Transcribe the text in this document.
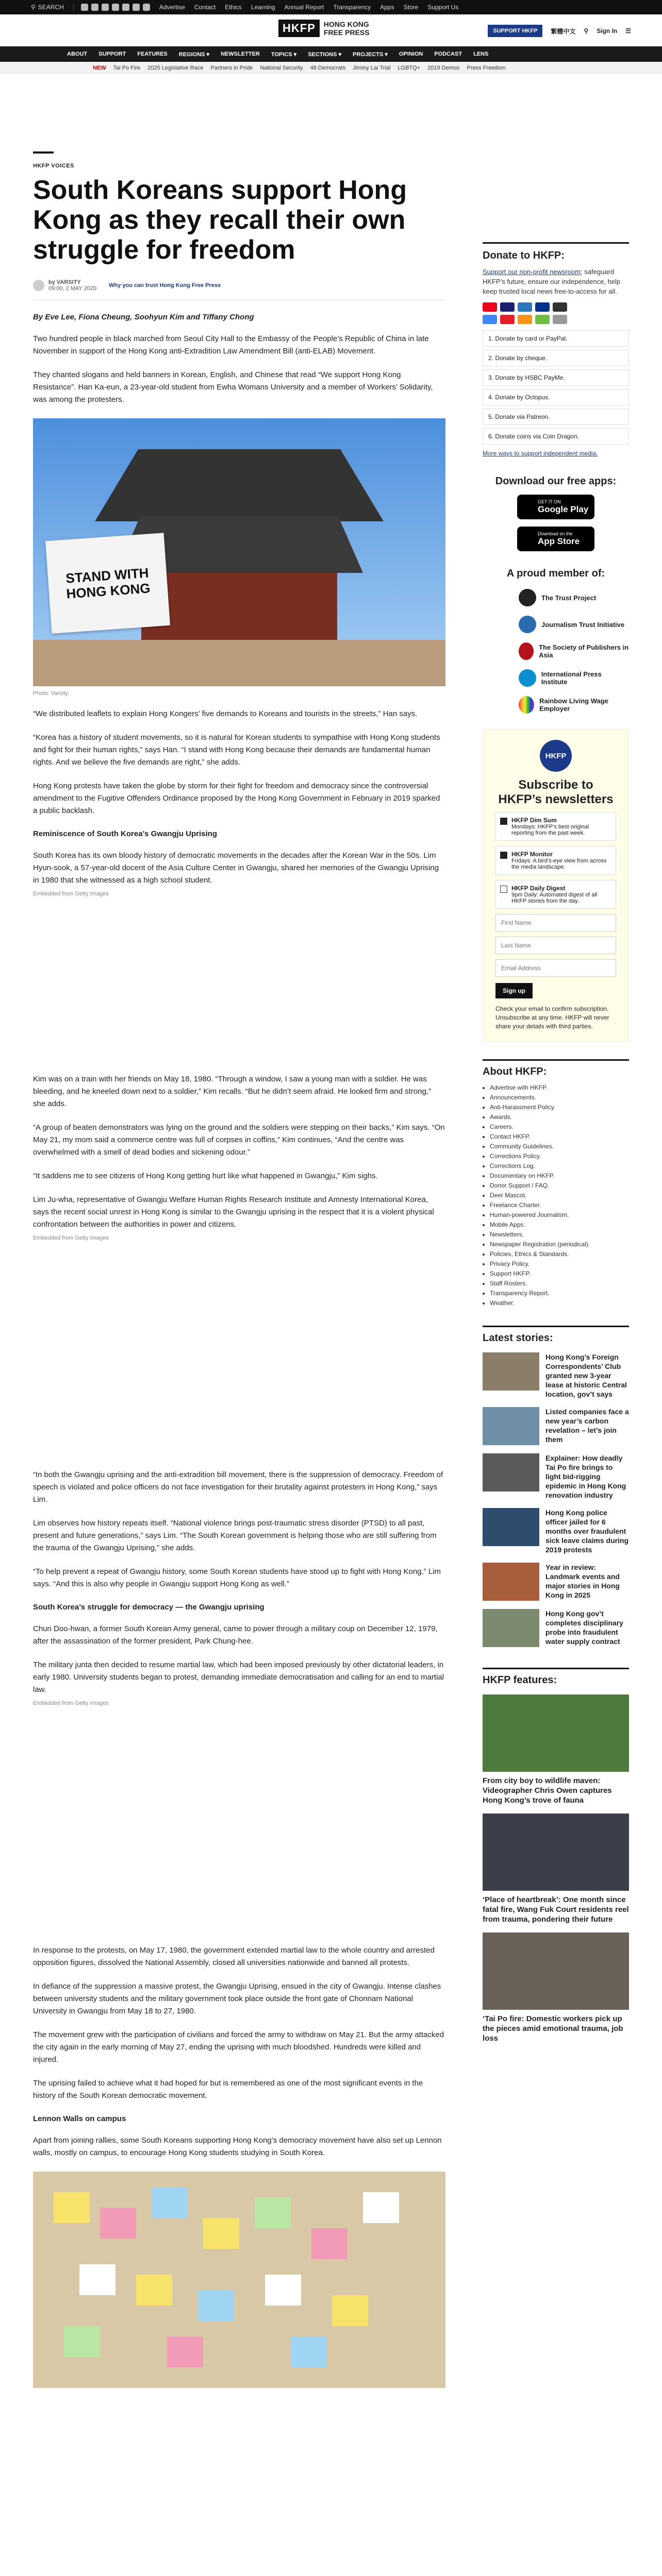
⚲ SEARCH	Advertise Contact Ethics Learning Annual Report Transparency Apps Store Support Us
HKFP	HONG KONG
FREE PRESS	SUPPORT HKFP	繁體中文 ⚲ Sign In ☰
ABOUT SUPPORT FEATURES REGIONS ▾ NEWSLETTER TOPICS ▾ SECTIONS ▾ PROJECTS ▾ OPINION PODCAST LENS
NEW Tai Po Fire 2025 Legislative Race Partners in Pride National Security 48 Democrats Jimmy Lai Trial LGBTQ+ 2019 Demos Press Freedom
HKFP VOICES
South Koreans support Hong Kong as they recall their own struggle for freedom
by VARSITY
09:00, 2 MAY 2020 Why you can trust Hong Kong Free Press
By Eve Lee, Fiona Cheung, Soohyun Kim and Tiffany Chong

Two hundred people in black marched from Seoul City Hall to the Embassy of the People’s Republic of China in late November in support of the Hong Kong anti-Extradition Law Amendment Bill (anti-ELAB) Movement.

They chanted slogans and held banners in Korean, English, and Chinese that read “We support Hong Kong Resistance”. Han Ka-eun, a 23-year-old student from Ewha Womans University and a member of Workers’ Solidarity, was among the protesters.

STAND WITH HONG KONG
Photo: Varsity.

“We distributed leaflets to explain Hong Kongers’ five demands to Koreans and tourists in the streets,” Han says.

“Korea has a history of student movements, so it is natural for Korean students to sympathise with Hong Kong students and fight for their human rights,” says Han. “I stand with Hong Kong because their demands are fundamental human rights. And we believe the five demands are right,” she adds.

Hong Kong protests have taken the globe by storm for their fight for freedom and democracy since the controversial amendment to the Fugitive Offenders Ordinance proposed by the Hong Kong Government in February in 2019 sparked a public backlash.

Reminiscence of South Korea’s Gwangju Uprising

South Korea has its own bloody history of democratic movements in the decades after the Korean War in the 50s. Lim Hyun-sook, a 57-year-old docent of the Asia Culture Center in Gwangju, shared her memories of the Gwangju Uprising in 1980 that she witnessed as a high school student.

Embedded from Getty Images

Kim was on a train with her friends on May 18, 1980. “Through a window, I saw a young man with a soldier. He was bleeding, and he kneeled down next to a soldier,” Kim recalls. “But he didn’t seem afraid. He looked firm and strong,” she adds.

“A group of beaten demonstrators was lying on the ground and the soldiers were stepping on their backs,” Kim says. “On May 21, my mom said a commerce centre was full of corpses in coffins,” Kim continues, “And the centre was overwhelmed with a smell of dead bodies and sickening odour.”

“It saddens me to see citizens of Hong Kong getting hurt like what happened in Gwangju,” Kim sighs.

Lim Ju-wha, representative of Gwangju Welfare Human Rights Research Institute and Amnesty International Korea, says the recent social unrest in Hong Kong is similar to the Gwangju uprising in the respect that it is a violent physical confrontation between the authorities in power and citizens.

Embedded from Getty Images

“In both the Gwangju uprising and the anti-extradition bill movement, there is the suppression of democracy. Freedom of speech is violated and police officers do not face investigation for their brutality against protesters in Hong Kong,” says Lim.

Lim observes how history repeats itself. “National violence brings post-traumatic stress disorder (PTSD) to all past, present and future generations,” says Lim. “The South Korean government is helping those who are still suffering from the trauma of the Gwangju Uprising,” she adds.

“To help prevent a repeat of Gwangju history, some South Korean students have stood up to fight with Hong Kong,” Lim says. “And this is also why people in Gwangju support Hong Kong as well.”

South Korea’s struggle for democracy — the Gwangju uprising

Chun Doo-hwan, a former South Korean Army general, came to power through a military coup on December 12, 1979, after the assassination of the former president, Park Chung-hee.

The military junta then decided to resume martial law, which had been imposed previously by other dictatorial leaders, in early 1980. University students began to protest, demanding immediate democratisation and calling for an end to martial law.

Embedded from Getty Images

In response to the protests, on May 17, 1980, the government extended martial law to the whole country and arrested opposition figures, dissolved the National Assembly, closed all universities nationwide and banned all protests.

In defiance of the suppression a massive protest, the Gwangju Uprising, ensued in the city of Gwangju. Intense clashes between university students and the military government took place outside the front gate of Chonnam National University in Gwangju from May 18 to 27, 1980.

The movement grew with the participation of civilians and forced the army to withdraw on May 21. But the army attacked the city again in the early morning of May 27, ending the uprising with much bloodshed. Hundreds were killed and injured.

The uprising failed to achieve what it had hoped for but is remembered as one of the most significant events in the history of the South Korean democratic movement.

Lennon Walls on campus

Apart from joining rallies, some South Koreans supporting Hong Kong’s democracy movement have also set up Lennon walls, mostly on campus, to encourage Hong Kong students studying in South Korea.

Donate to HKFP:
Support our non-profit newsroom; safeguard HKFP’s future, ensure our independence, help keep trusted local news free-to-access for all.
1. Donate by card or PayPal.
2. Donate by cheque.
3. Donate by HSBC PayMe.
4. Donate by Octopus.
5. Donate via Patreon.
6. Donate coins via Coin Dragon.
More ways to support independent media.
Download our free apps:
GET IT ON
Google Play
Download on the
App Store
A proud member of:
The Trust Project
Journalism Trust Initiative
The Society of Publishers in Asia
International Press Institute
Rainbow Living Wage Employer
HKFP
Subscribe to HKFP’s newsletters
HKFP Dim Sum
Mondays: HKFP’s best original reporting from the past week.
HKFP Monitor
Fridays: A bird’s-eye view from across the media landscape.
HKFP Daily Digest
9pm Daily: Automated digest of all HKFP stories from the day.
First Name Last Name Email Address Sign up
Check your email to confirm subscription. Unsubscribe at any time. HKFP will never share your details with third parties.
About HKFP:
• Advertise with HKFP.
• Announcements.
• Anti-Harassment Policy.
• Awards.
• Careers.
• Contact HKFP.
• Community Guidelines.
• Corrections Policy.
• Corrections Log.
• Documentary on HKFP.
• Donor Support / FAQ.
• Deer Mascot.
• Freelance Charter.
• Human-powered Journalism.
• Mobile Apps.
• Newsletters.
• Newspaper Registration (periodical).
• Policies, Ethics & Standards.
• Privacy Policy.
• Support HKFP.
• Staff Rosters.
• Transparency Report.
• Weather.
Latest stories:
Hong Kong’s Foreign Correspondents’ Club granted new 3-year lease at historic Central location, gov’t says
Listed companies face a new year’s carbon revelation – let’s join them
Explainer: How deadly Tai Po fire brings to light bid-rigging epidemic in Hong Kong renovation industry
Hong Kong police officer jailed for 6 months over fraudulent sick leave claims during 2019 protests
Year in review: Landmark events and major stories in Hong Kong in 2025
Hong Kong gov’t completes disciplinary probe into fraudulent water supply contract
HKFP features:
From city boy to wildlife maven: Videographer Chris Owen captures Hong Kong’s trove of fauna
‘Place of heartbreak’: One month since fatal fire, Wang Fuk Court residents reel from trauma, pondering their future
‘Tai Po fire: Domestic workers pick up the pieces amid emotional trauma, job loss
